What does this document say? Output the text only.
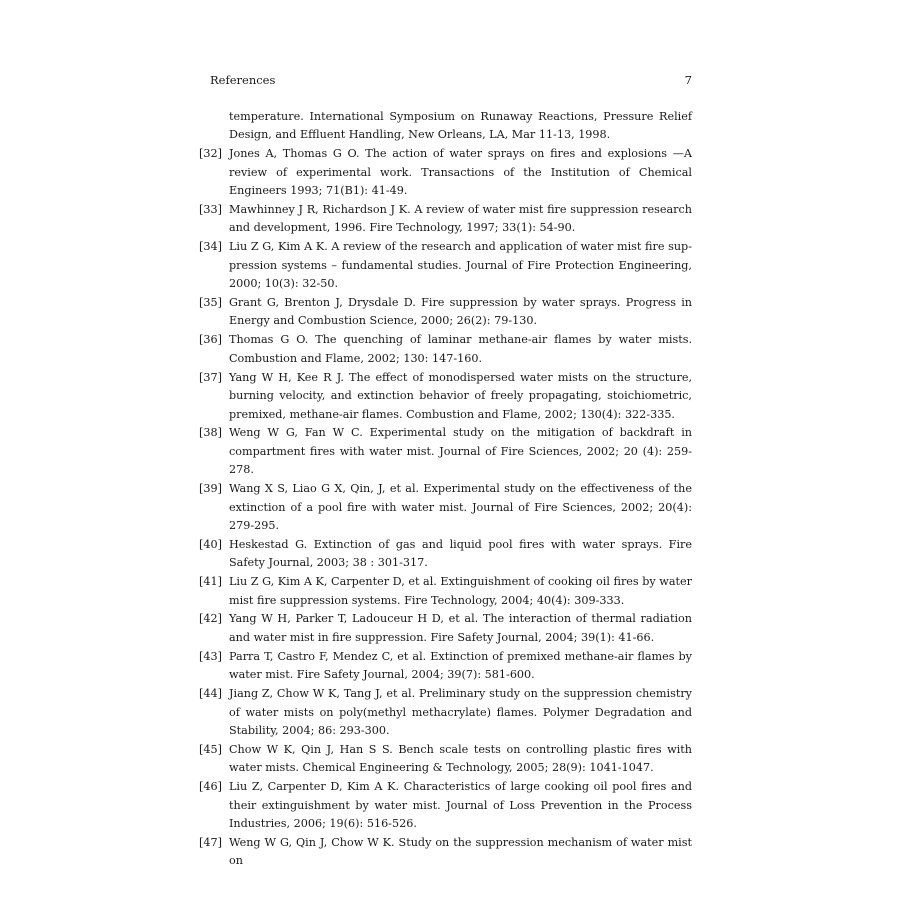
References	7
temperature. International Symposium on Runaway Reactions, Pressure Relief Design, and Effluent Handling, New Orleans, LA, Mar 11-13, 1998.
[32] Jones A, Thomas G O. The action of water sprays on fires and explosions —A review of experimental work. Transactions of the Institution of Chemical Engineers 1993; 71(B1): 41-49.
[33] Mawhinney J R, Richardson J K. A review of water mist fire suppression research and development, 1996. Fire Technology, 1997; 33(1): 54-90.
[34] Liu Z G, Kim A K. A review of the research and application of water mist fire suppression systems – fundamental studies. Journal of Fire Protection Engineering, 2000; 10(3): 32-50.
[35] Grant G, Brenton J, Drysdale D. Fire suppression by water sprays. Progress in Energy and Combustion Science, 2000; 26(2): 79-130.
[36] Thomas G O. The quenching of laminar methane-air flames by water mists. Combustion and Flame, 2002; 130: 147-160.
[37] Yang W H, Kee R J. The effect of monodispersed water mists on the structure, burning velocity, and extinction behavior of freely propagating, stoichiometric, premixed, methane-air flames. Combustion and Flame, 2002; 130(4): 322-335.
[38] Weng W G, Fan W C. Experimental study on the mitigation of backdraft in compartment fires with water mist. Journal of Fire Sciences, 2002; 20 (4): 259-278.
[39] Wang X S, Liao G X, Qin, J, et al. Experimental study on the effectiveness of the extinction of a pool fire with water mist. Journal of Fire Sciences, 2002; 20(4): 279-295.
[40] Heskestad G. Extinction of gas and liquid pool fires with water sprays. Fire Safety Journal, 2003; 38 : 301-317.
[41] Liu Z G, Kim A K, Carpenter D, et al. Extinguishment of cooking oil fires by water mist fire suppression systems. Fire Technology, 2004; 40(4): 309-333.
[42] Yang W H, Parker T, Ladouceur H D, et al. The interaction of thermal radiation and water mist in fire suppression. Fire Safety Journal, 2004; 39(1): 41-66.
[43] Parra T, Castro F, Mendez C, et al. Extinction of premixed methane-air flames by water mist. Fire Safety Journal, 2004; 39(7): 581-600.
[44] Jiang Z, Chow W K, Tang J, et al. Preliminary study on the suppression chemistry of water mists on poly(methyl methacrylate) flames. Polymer Degradation and Stability, 2004; 86: 293-300.
[45] Chow W K, Qin J, Han S S. Bench scale tests on controlling plastic fires with water mists. Chemical Engineering & Technology, 2005; 28(9): 1041-1047.
[46] Liu Z, Carpenter D, Kim A K. Characteristics of large cooking oil pool fires and their extinguishment by water mist. Journal of Loss Prevention in the Process Industries, 2006; 19(6): 516-526.
[47] Weng W G, Qin J, Chow W K. Study on the suppression mechanism of water mist on
